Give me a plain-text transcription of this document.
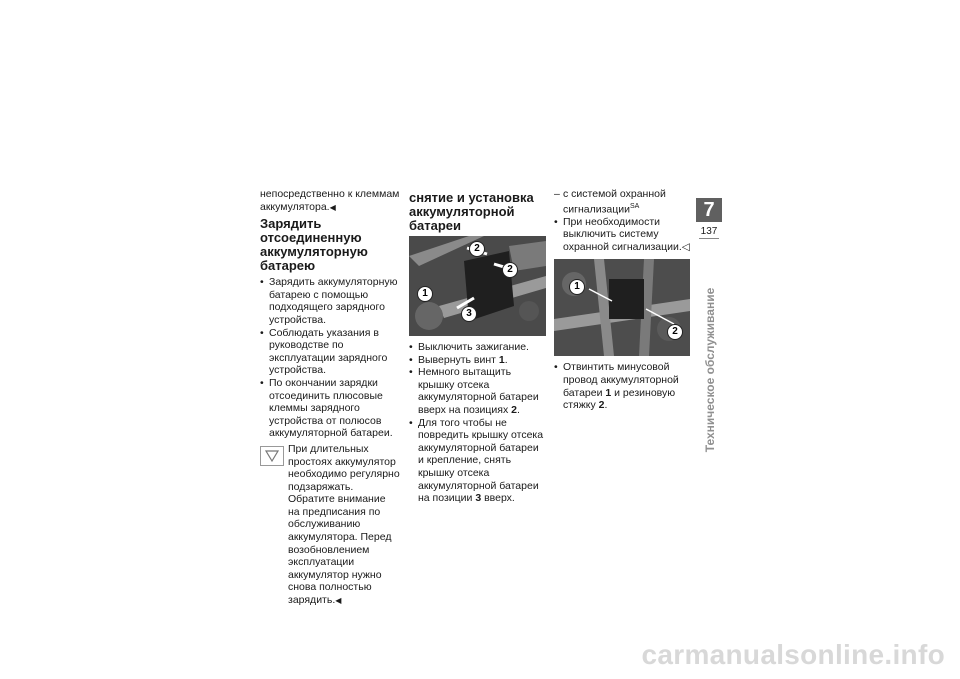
непосредственно к клеммам аккумулятора.◀

Зарядить отсоединенную аккумуляторную батарею
• Зарядить аккумуляторную батарею с помощью подходящего зарядного устройства.
• Соблюдать указания в руководстве по эксплуатации зарядного устройства.
• По окончании зарядки отсоединить плюсовые клеммы зарядного устройства от полюсов аккумуляторной батареи.

При длительных простоях аккумулятор необходимо регулярно подзаряжать. Обратите внимание на предписания по обслуживанию аккумулятора. Перед возобновлением эксплуатации аккумулятор нужно снова полностью зарядить.◀

снятие и установка аккумуляторной батареи
1
2
2
3
• Выключить зажигание.
• Вывернуть винт 1.
• Немного вытащить крышку отсека аккумуляторной батареи вверх на позициях 2.
• Для того чтобы не повредить крышку отсека аккумуляторной батареи и крепление, снять крышку отсека аккумуляторной батареи на позиции 3 вверх.
– с системой охранной сигнализации$^{SA}$
• При необходимости выключить систему охранной сигнализации.◁
1
2
• Отвинтить минусовой провод аккумуляторной батареи 1 и резиновую стяжку 2.
7
137
Техническое обслуживание
carmanualsonline.info
